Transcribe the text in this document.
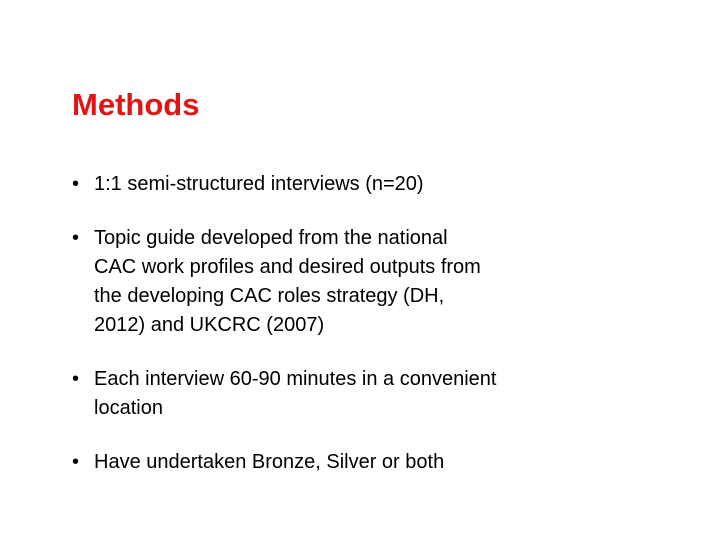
Methods
• 1:1 semi-structured interviews (n=20)
• Topic guide developed from the national
CAC work profiles and desired outputs from
the developing CAC roles strategy (DH,
2012) and UKCRC (2007)
• Each interview 60-90 minutes in a convenient
location
• Have undertaken Bronze, Silver or both
